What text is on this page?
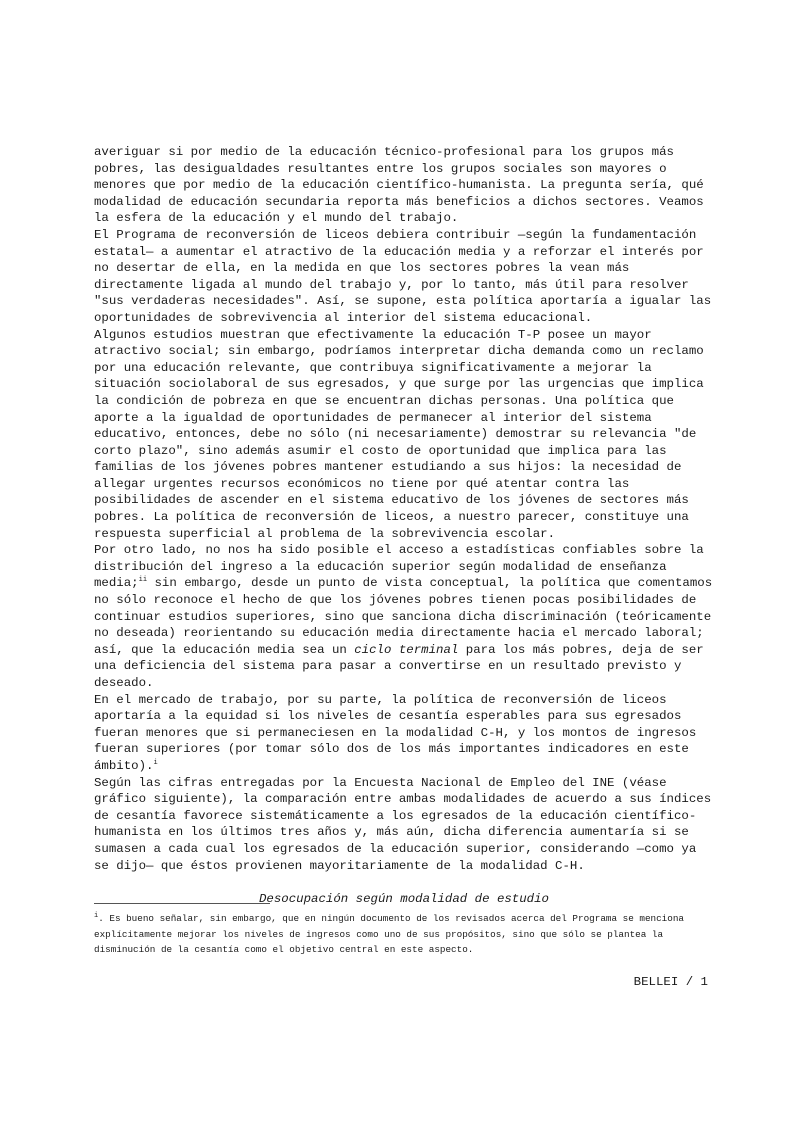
averiguar si por medio de la educación técnico-profesional para los grupos más pobres, las desigualdades resultantes entre los grupos sociales son mayores o menores que por medio de la educación científico-humanista. La pregunta sería, qué modalidad de educación secundaria reporta más beneficios a dichos sectores. Veamos la esfera de la educación y el mundo del trabajo.

El Programa de reconversión de liceos debiera contribuir —según la fundamentación estatal— a aumentar el atractivo de la educación media y a reforzar el interés por no desertar de ella, en la medida en que los sectores pobres la vean más directamente ligada al mundo del trabajo y, por lo tanto, más útil para resolver "sus verdaderas necesidades". Así, se supone, esta política aportaría a igualar las oportunidades de sobrevivencia al interior del sistema educacional.

Algunos estudios muestran que efectivamente la educación T-P posee un mayor atractivo social; sin embargo, podríamos interpretar dicha demanda como un reclamo por una educación relevante, que contribuya significativamente a mejorar la situación sociolaboral de sus egresados, y que surge por las urgencias que implica la condición de pobreza en que se encuentran dichas personas. Una política que aporte a la igualdad de oportunidades de permanecer al interior del sistema educativo, entonces, debe no sólo (ni necesariamente) demostrar su relevancia "de corto plazo", sino además asumir el costo de oportunidad que implica para las familias de los jóvenes pobres mantener estudiando a sus hijos: la necesidad de allegar urgentes recursos económicos no tiene por qué atentar contra las posibilidades de ascender en el sistema educativo de los jóvenes de sectores más pobres. La política de reconversión de liceos, a nuestro parecer, constituye una respuesta superficial al problema de la sobrevivencia escolar.

Por otro lado, no nos ha sido posible el acceso a estadísticas confiables sobre la distribución del ingreso a la educación superior según modalidad de enseñanza media;$^{ii}$ sin embargo, desde un punto de vista conceptual, la política que comentamos no sólo reconoce el hecho de que los jóvenes pobres tienen pocas posibilidades de continuar estudios superiores, sino que sanciona dicha discriminación (teóricamente no deseada) reorientando su educación media directamente hacia el mercado laboral; así, que la educación media sea un ciclo terminal para los más pobres, deja de ser una deficiencia del sistema para pasar a convertirse en un resultado previsto y deseado.

En el mercado de trabajo, por su parte, la política de reconversión de liceos aportaría a la equidad si los niveles de cesantía esperables para sus egresados fueran menores que si permaneciesen en la modalidad C-H, y los montos de ingresos fueran superiores (por tomar sólo dos de los más importantes indicadores en este ámbito).$^i$

Según las cifras entregadas por la Encuesta Nacional de Empleo del INE (véase gráfico siguiente), la comparación entre ambas modalidades de acuerdo a sus índices de cesantía favorece sistemáticamente a los egresados de la educación científico-humanista en los últimos tres años y, más aún, dicha diferencia aumentaría si se sumasen a cada cual los egresados de la educación superior, considerando —como ya se dijo— que éstos provienen mayoritariamente de la modalidad C-H.

Desocupación según modalidad de estudio
$^i$. Es bueno señalar, sin embargo, que en ningún documento de los revisados acerca del Programa se menciona explícitamente mejorar los niveles de ingresos como uno de sus propósitos, sino que sólo se plantea la disminución de la cesantía como el objetivo central en este aspecto.
BELLEI / 1
